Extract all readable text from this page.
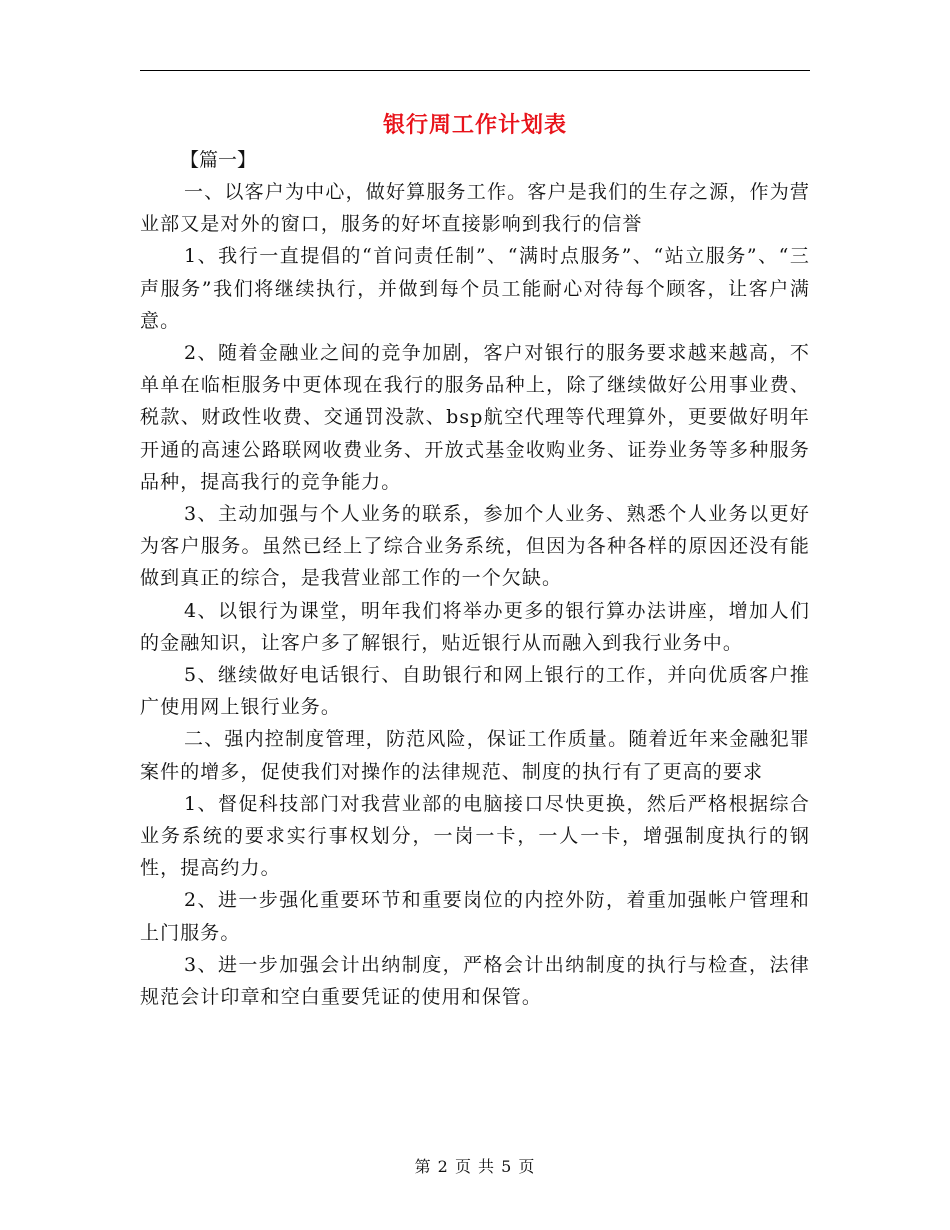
银行周工作计划表

【篇一】

一、以客户为中心，做好算服务工作。客户是我们的生存之源，作为营业部又是对外的窗口，服务的好坏直接影响到我行的信誉

1、我行一直提倡的“首问责任制”、“满时点服务”、“站立服务”、“三声服务”我们将继续执行，并做到每个员工能耐心对待每个顾客，让客户满意。

2、随着金融业之间的竞争加剧，客户对银行的服务要求越来越高，不单单在临柜服务中更体现在我行的服务品种上，除了继续做好公用事业费、税款、财政性收费、交通罚没款、bsp航空代理等代理算外，更要做好明年开通的高速公路联网收费业务、开放式基金收购业务、证券业务等多种服务品种，提高我行的竞争能力。

3、主动加强与个人业务的联系，参加个人业务、熟悉个人业务以更好为客户服务。虽然已经上了综合业务系统，但因为各种各样的原因还没有能做到真正的综合，是我营业部工作的一个欠缺。

4、以银行为课堂，明年我们将举办更多的银行算办法讲座，增加人们的金融知识，让客户多了解银行，贴近银行从而融入到我行业务中。

5、继续做好电话银行、自助银行和网上银行的工作，并向优质客户推广使用网上银行业务。

二、强内控制度管理，防范风险，保证工作质量。随着近年来金融犯罪案件的增多，促使我们对操作的法律规范、制度的执行有了更高的要求

1、督促科技部门对我营业部的电脑接口尽快更换，然后严格根据综合业务系统的要求实行事权划分，一岗一卡，一人一卡，增强制度执行的钢性，提高约力。

2、进一步强化重要环节和重要岗位的内控外防，着重加强帐户管理和上门服务。

3、进一步加强会计出纳制度，严格会计出纳制度的执行与检查，法律规范会计印章和空白重要凭证的使用和保管。

第 2 页 共 5 页
